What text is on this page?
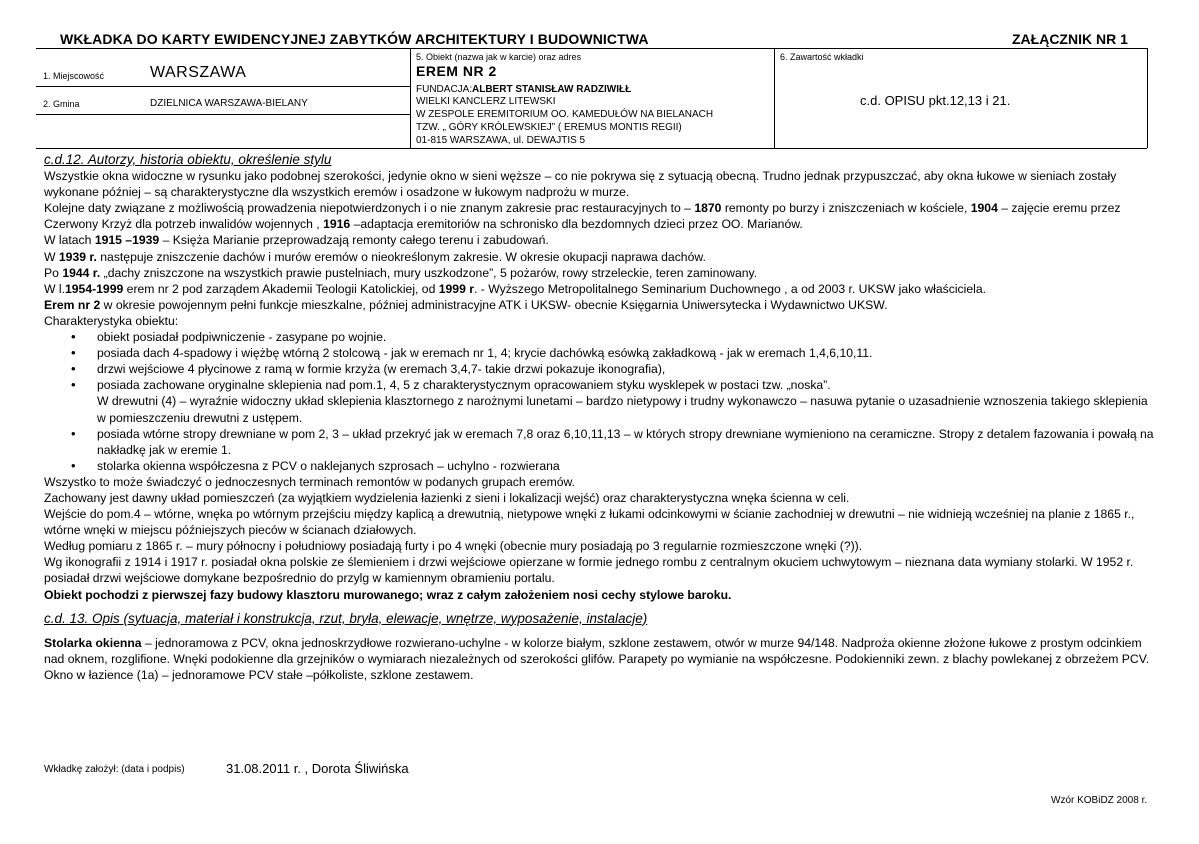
WKŁADKA DO KARTY EWIDENCYJNEJ ZABYTKÓW ARCHITEKTURY I BUDOWNICTWA	ZAŁĄCZNIK NR 1
1. Miejscowość	WARSZAWA
2. Gmina	DZIELNICA WARSZAWA-BIELANY
5. Obiekt (nazwa jak w karcie) oraz adres
EREM NR 2
FUNDACJA: ALBERT STANISŁAW RADZIWIŁŁ
WIELKI KANCLERZ LITEWSKI
W ZESPOLE EREMITORIUM OO. KAMEDUŁÓW NA BIELANACH
TZW. „ GÓRY KRÓLEWSKIEJ” ( EREMUS MONTIS REGII)
01-815 WARSZAWA, ul. DEWAJTIS 5
6. Zawartość wkładki
c.d. OPISU pkt.12,13 i 21.

c.d.12. Autorzy, historia obiektu, określenie stylu

Wszystkie okna widoczne w rysunku jako podobnej szerokości, jedynie okno w sieni węższe – co nie pokrywa się z sytuacją obecną. Trudno jednak przypuszczać, aby okna łukowe w sieniach zostały wykonane później – są charakterystyczne dla wszystkich eremów i osadzone w łukowym nadprożu w murze.

Kolejne daty związane z możliwością prowadzenia niepotwierdzonych i o nie znanym zakresie prac restauracyjnych to – 1870 remonty po burzy i zniszczeniach w kościele, 1904 – zajęcie eremu przez Czerwony Krzyż dla potrzeb inwalidów wojennych , 1916 –adaptacja eremitoriów na schronisko dla bezdomnych dzieci przez OO. Marianów.

W latach 1915 –1939 – Księża Marianie przeprowadzają remonty całego terenu i zabudowań.

W 1939 r. następuje zniszczenie dachów i murów eremów o nieokreślonym zakresie. W okresie okupacji naprawa dachów.

Po 1944 r. „dachy zniszczone na wszystkich prawie pustelniach, mury uszkodzone”, 5 pożarów, rowy strzeleckie, teren zaminowany.

W l.1954-1999 erem nr 2 pod zarządem Akademii Teologii Katolickiej, od 1999 r. - Wyższego Metropolitalnego Seminarium Duchownego , a od 2003 r. UKSW jako właściciela.

Erem nr 2 w okresie powojennym pełni funkcje mieszkalne, później administracyjne ATK i UKSW- obecnie Księgarnia Uniwersytecka i Wydawnictwo UKSW.

Charakterystyka obiektu:

• obiekt posiadał podpiwniczenie - zasypane po wojnie.
• posiada dach 4-spadowy i więżbę wtórną 2 stolcową - jak w eremach nr 1, 4; krycie dachówką esówką zakładkową - jak w eremach 1,4,6,10,11.
• drzwi wejściowe 4 płycinowe z ramą w formie krzyża (w eremach 3,4,7- takie drzwi pokazuje ikonografia),
• posiada zachowane oryginalne sklepienia nad pom.1, 4, 5 z charakterystycznym opracowaniem styku wysklepek w postaci tzw. „noska”.

W drewutni (4) – wyraźnie widoczny układ sklepienia klasztornego z narożnymi lunetami – bardzo nietypowy i trudny wykonawczo – nasuwa pytanie o uzasadnienie wznoszenia takiego sklepienia w pomieszczeniu drewutni z ustępem.

• posiada wtórne stropy drewniane w pom 2, 3 – układ przekryć jak w eremach 7,8 oraz 6,10,11,13 – w których stropy drewniane wymieniono na ceramiczne. Stropy z detalem fazowania i powałą na nakładkę jak w eremie 1.
• stolarka okienna współczesna z PCV o naklejanych szprosach – uchylno - rozwierana

Wszystko to może świadczyć o jednoczesnych terminach remontów w podanych grupach eremów.

Zachowany jest dawny układ pomieszczeń (za wyjątkiem wydzielenia łazienki z sieni i lokalizacji wejść) oraz charakterystyczna wnęka ścienna w celi.

Wejście do pom.4 – wtórne, wnęka po wtórnym przejściu między kaplicą a drewutnią, nietypowe wnęki z łukami odcinkowymi w ścianie zachodniej w drewutni – nie widnieją wcześniej na planie z 1865 r., wtórne wnęki w miejscu późniejszych pieców w ścianach działowych.

Według pomiaru z 1865 r. – mury północny i południowy posiadają furty i po 4 wnęki (obecnie mury posiadają po 3 regularnie rozmieszczone wnęki (?)).

Wg ikonografii z 1914 i 1917 r. posiadał okna polskie ze ślemieniem i drzwi wejściowe opierzane w formie jednego rombu z centralnym okuciem uchwytowym – nieznana data wymiany stolarki. W 1952 r. posiadał drzwi wejściowe domykane bezpośrednio do przylg w kamiennym obramieniu portalu.

Obiekt pochodzi z pierwszej fazy budowy klasztoru murowanego; wraz z całym założeniem nosi cechy stylowe baroku.

c.d. 13. Opis (sytuacja, materiał i konstrukcja, rzut, bryła, elewacje, wnętrze, wyposażenie, instalacje)

Stolarka okienna – jednoramowa z PCV, okna jednoskrzydłowe rozwierano-uchylne - w kolorze białym, szklone zestawem, otwór w murze 94/148. Nadproża okienne złożone łukowe z prostym odcinkiem nad oknem, rozglifione. Wnęki podokienne dla grzejników o wymiarach niezależnych od szerokości glifów. Parapety po wymianie na współczesne. Podokienniki zewn. z blachy powlekanej z obrzeżem PCV.

Okno w łazience (1a) – jednoramowe PCV stałe –półkoliste, szklone zestawem.

Wkładkę założył: (data i podpis)	31.08.2011 r. , Dorota Śliwińska
Wzór KOBiDZ 2008 r.
